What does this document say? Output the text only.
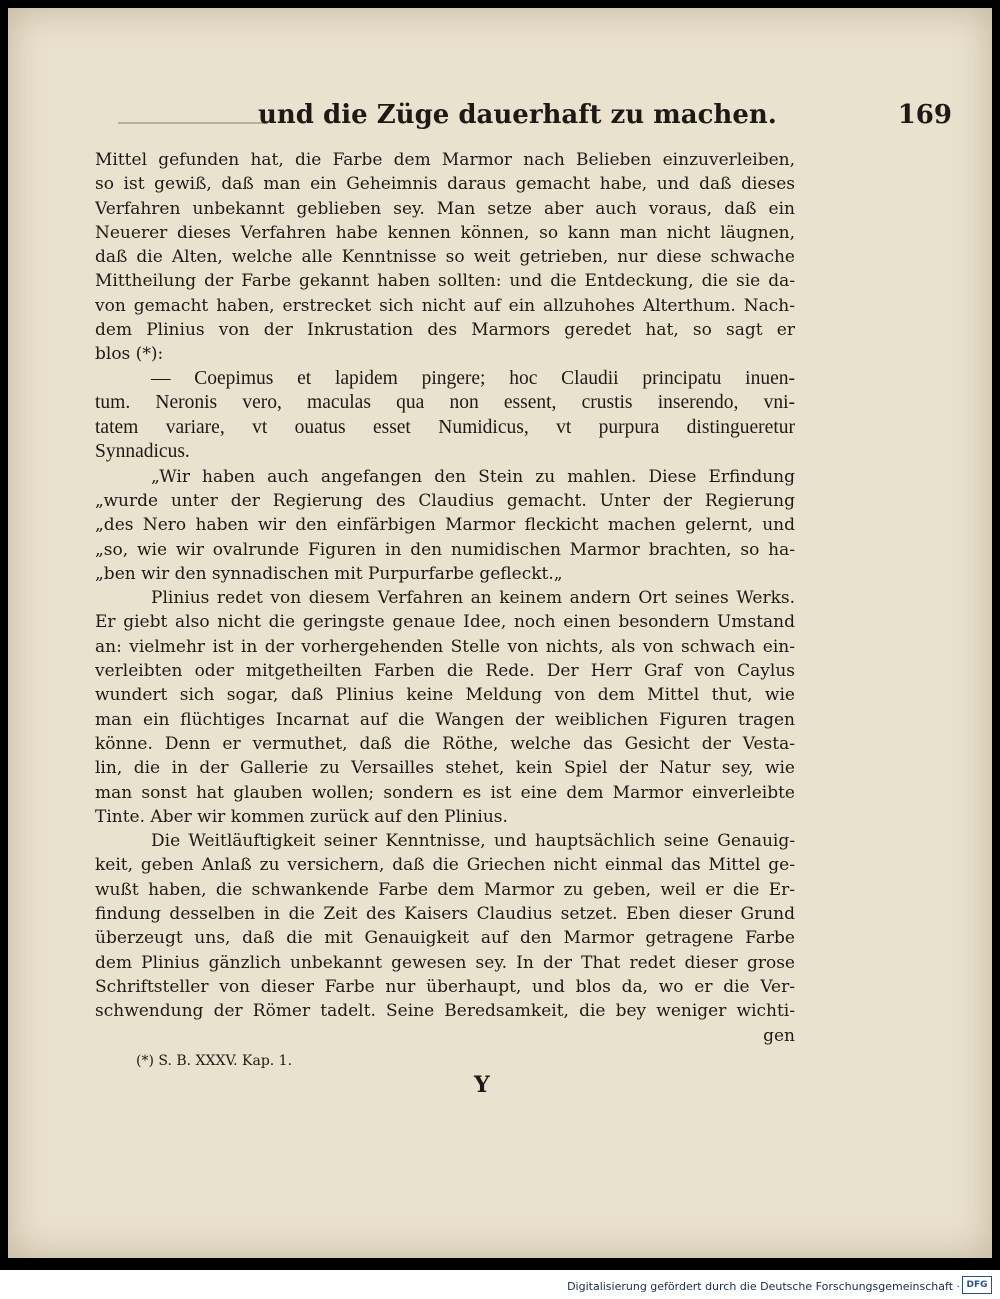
und die Züge dauerhaft zu machen.	169
Mittel gefunden hat, die Farbe dem Marmor nach Belieben einzuverleiben,
so ist gewiß, daß man ein Geheimnis daraus gemacht habe, und daß dieses
Verfahren unbekannt geblieben sey. Man setze aber auch voraus, daß ein
Neuerer dieses Verfahren habe kennen können, so kann man nicht läugnen,
daß die Alten, welche alle Kenntnisse so weit getrieben, nur diese schwache
Mittheilung der Farbe gekannt haben sollten: und die Entdeckung, die sie da-
von gemacht haben, erstrecket sich nicht auf ein allzuhohes Alterthum. Nach-
dem Plinius von der Inkrustation des Marmors geredet hat, so sagt er
blos (*):
— Coepimus et lapidem pingere; hoc Claudii principatu inuen-
tum. Neronis vero, maculas qua non essent, crustis inserendo, vni-
tatem variare, vt ouatus esset Numidicus, vt purpura distingueretur
Synnadicus.
„Wir haben auch angefangen den Stein zu mahlen. Diese Erfindung
„wurde unter der Regierung des Claudius gemacht. Unter der Regierung
„des Nero haben wir den einfärbigen Marmor fleckicht machen gelernt, und
„so, wie wir ovalrunde Figuren in den numidischen Marmor brachten, so ha-
„ben wir den synnadischen mit Purpurfarbe gefleckt.„
Plinius redet von diesem Verfahren an keinem andern Ort seines Werks.
Er giebt also nicht die geringste genaue Idee, noch einen besondern Umstand
an: vielmehr ist in der vorhergehenden Stelle von nichts, als von schwach ein-
verleibten oder mitgetheilten Farben die Rede. Der Herr Graf von Caylus
wundert sich sogar, daß Plinius keine Meldung von dem Mittel thut, wie
man ein flüchtiges Incarnat auf die Wangen der weiblichen Figuren tragen
könne. Denn er vermuthet, daß die Röthe, welche das Gesicht der Vesta-
lin, die in der Gallerie zu Versailles stehet, kein Spiel der Natur sey, wie
man sonst hat glauben wollen; sondern es ist eine dem Marmor einverleibte
Tinte. Aber wir kommen zurück auf den Plinius.
Die Weitläuftigkeit seiner Kenntnisse, und hauptsächlich seine Genauig-
keit, geben Anlaß zu versichern, daß die Griechen nicht einmal das Mittel ge-
wußt haben, die schwankende Farbe dem Marmor zu geben, weil er die Er-
findung desselben in die Zeit des Kaisers Claudius setzet. Eben dieser Grund
überzeugt uns, daß die mit Genauigkeit auf den Marmor getragene Farbe
dem Plinius gänzlich unbekannt gewesen sey. In der That redet dieser grose
Schriftsteller von dieser Farbe nur überhaupt, und blos da, wo er die Ver-
schwendung der Römer tadelt. Seine Beredsamkeit, die bey weniger wichti-
gen
(*) S. B. XXXV. Kap. 1.
Y
Digitalisierung gefördert durch die Deutsche Forschungsgemeinschaft · DFG
